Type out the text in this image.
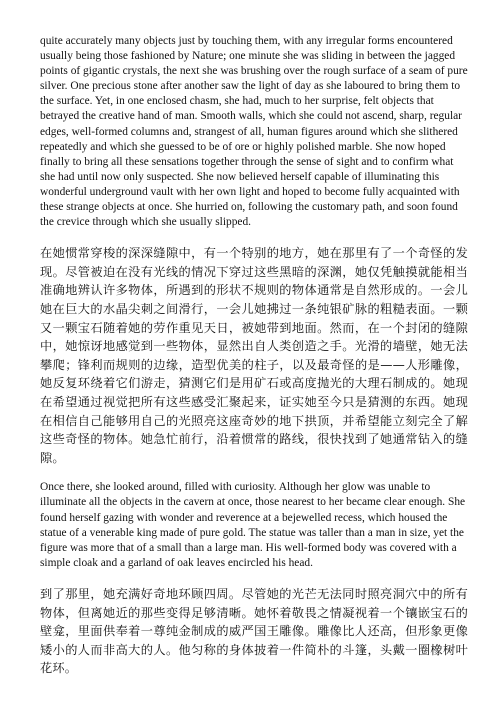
quite accurately many objects just by touching them, with any irregular forms encountered usually being those fashioned by Nature; one minute she was sliding in between the jagged points of gigantic crystals, the next she was brushing over the rough surface of a seam of pure silver. One precious stone after another saw the light of day as she laboured to bring them to the surface. Yet, in one enclosed chasm, she had, much to her surprise, felt objects that betrayed the creative hand of man. Smooth walls, which she could not ascend, sharp, regular edges, well-formed columns and, strangest of all, human figures around which she slithered repeatedly and which she guessed to be of ore or highly polished marble. She now hoped finally to bring all these sensations together through the sense of sight and to confirm what she had until now only suspected. She now believed herself capable of illuminating this wonderful underground vault with her own light and hoped to become fully acquainted with these strange objects at once. She hurried on, following the customary path, and soon found the crevice through which she usually slipped.

在她惯常穿梭的深深缝隙中，有一个特别的地方，她在那里有了一个奇怪的发现。尽管被迫在没有光线的情况下穿过这些黑暗的深渊，她仅凭触摸就能相当准确地辨认许多物体，所遇到的形状不规则的物体通常是自然形成的。一会儿她在巨大的水晶尖刺之间滑行，一会儿她拂过一条纯银矿脉的粗糙表面。一颗又一颗宝石随着她的劳作重见天日，被她带到地面。然而，在一个封闭的缝隙中，她惊讶地感觉到一些物体，显然出自人类创造之手。光滑的墙壁，她无法攀爬；锋利而规则的边缘，造型优美的柱子，以及最奇怪的是——人形雕像，她反复环绕着它们游走，猜测它们是用矿石或高度抛光的大理石制成的。她现在希望通过视觉把所有这些感受汇聚起来，证实她至今只是猜测的东西。她现在相信自己能够用自己的光照亮这座奇妙的地下拱顶，并希望能立刻完全了解这些奇怪的物体。她急忙前行，沿着惯常的路线，很快找到了她通常钻入的缝隙。

Once there, she looked around, filled with curiosity. Although her glow was unable to illuminate all the objects in the cavern at once, those nearest to her became clear enough. She found herself gazing with wonder and reverence at a bejewelled recess, which housed the statue of a venerable king made of pure gold. The statue was taller than a man in size, yet the figure was more that of a small than a large man. His well-formed body was covered with a simple cloak and a garland of oak leaves encircled his head.

到了那里，她充满好奇地环顾四周。尽管她的光芒无法同时照亮洞穴中的所有物体，但离她近的那些变得足够清晰。她怀着敬畏之情凝视着一个镶嵌宝石的壁龛，里面供奉着一尊纯金制成的威严国王雕像。雕像比人还高，但形象更像矮小的人而非高大的人。他匀称的身体披着一件简朴的斗篷，头戴一圈橡树叶花环。
